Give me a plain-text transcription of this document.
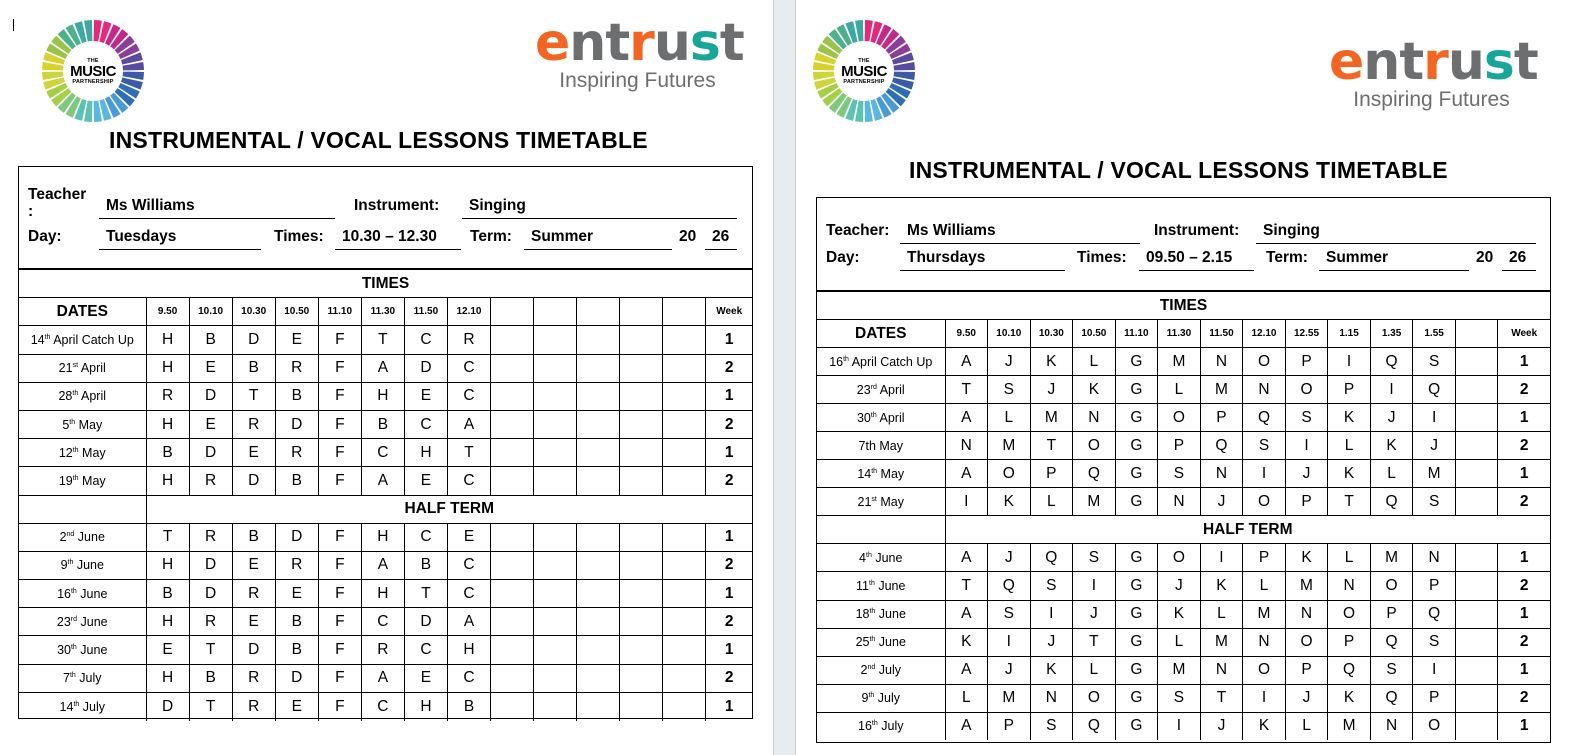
THE
MUSIC
PARTNERSHIP
entrust
Inspiring Futures
INSTRUMENTAL / VOCAL LESSONS TIMETABLE
Teacher
:	Ms Williams	Instrument:	Singing
Day:	Tuesdays	Times:	10.30 – 12.30	Term:	Summer	20	26
TIMES														
DATES	9.50	10.10	10.30	10.50	11.10	11.30	11.50	12.10						Week
14th April Catch Up	H	B	D	E	F	T	C	R						1
21st April	H	E	B	R	F	A	D	C						2
28th April	R	D	T	B	F	H	E	C						1
5th May	H	E	R	D	F	B	C	A						2
12th May	B	D	E	R	F	C	H	T						1
19th May	H	R	D	B	F	A	E	C						2
	HALF TERM													
2nd June	T	R	B	D	F	H	C	E						1
9th June	H	D	E	R	F	A	B	C						2
16th June	B	D	R	E	F	H	T	C						1
23rd June	H	R	E	B	F	C	D	A						2
30th June	E	T	D	B	F	R	C	H						1
7th July	H	B	R	D	F	A	E	C						2
14th July	D	T	R	E	F	C	H	B						1
THE
MUSIC
PARTNERSHIP	entrust
Inspiring Futures
INSTRUMENTAL / VOCAL LESSONS TIMETABLE
Teacher:	Ms Williams	Instrument:	Singing
Day:	Thursdays	Times:	09.50 – 2.15	Term:	Summer	20	26
TIMES														
DATES	9.50	10.10	10.30	10.50	11.10	11.30	11.50	12.10	12.55	1.15	1.35	1.55		Week
16th April Catch Up	A	J	K	L	G	M	N	O	P	I	Q	S		1
23rd April	T	S	J	K	G	L	M	N	O	P	I	Q		2
30th April	A	L	M	N	G	O	P	Q	S	K	J	I		1
7th May	N	M	T	O	G	P	Q	S	I	L	K	J		2
14th May	A	O	P	Q	G	S	N	I	J	K	L	M		1
21st May	I	K	L	M	G	N	J	O	P	T	Q	S		2
	HALF TERM													
4th June	A	J	Q	S	G	O	I	P	K	L	M	N		1
11th June	T	Q	S	I	G	J	K	L	M	N	O	P		2
18th June	A	S	I	J	G	K	L	M	N	O	P	Q		1
25th June	K	I	J	T	G	L	M	N	O	P	Q	S		2
2nd July	A	J	K	L	G	M	N	O	P	Q	S	I		1
9th July	L	M	N	O	G	S	T	I	J	K	Q	P		2
16th July	A	P	S	Q	G	I	J	K	L	M	N	O		1
